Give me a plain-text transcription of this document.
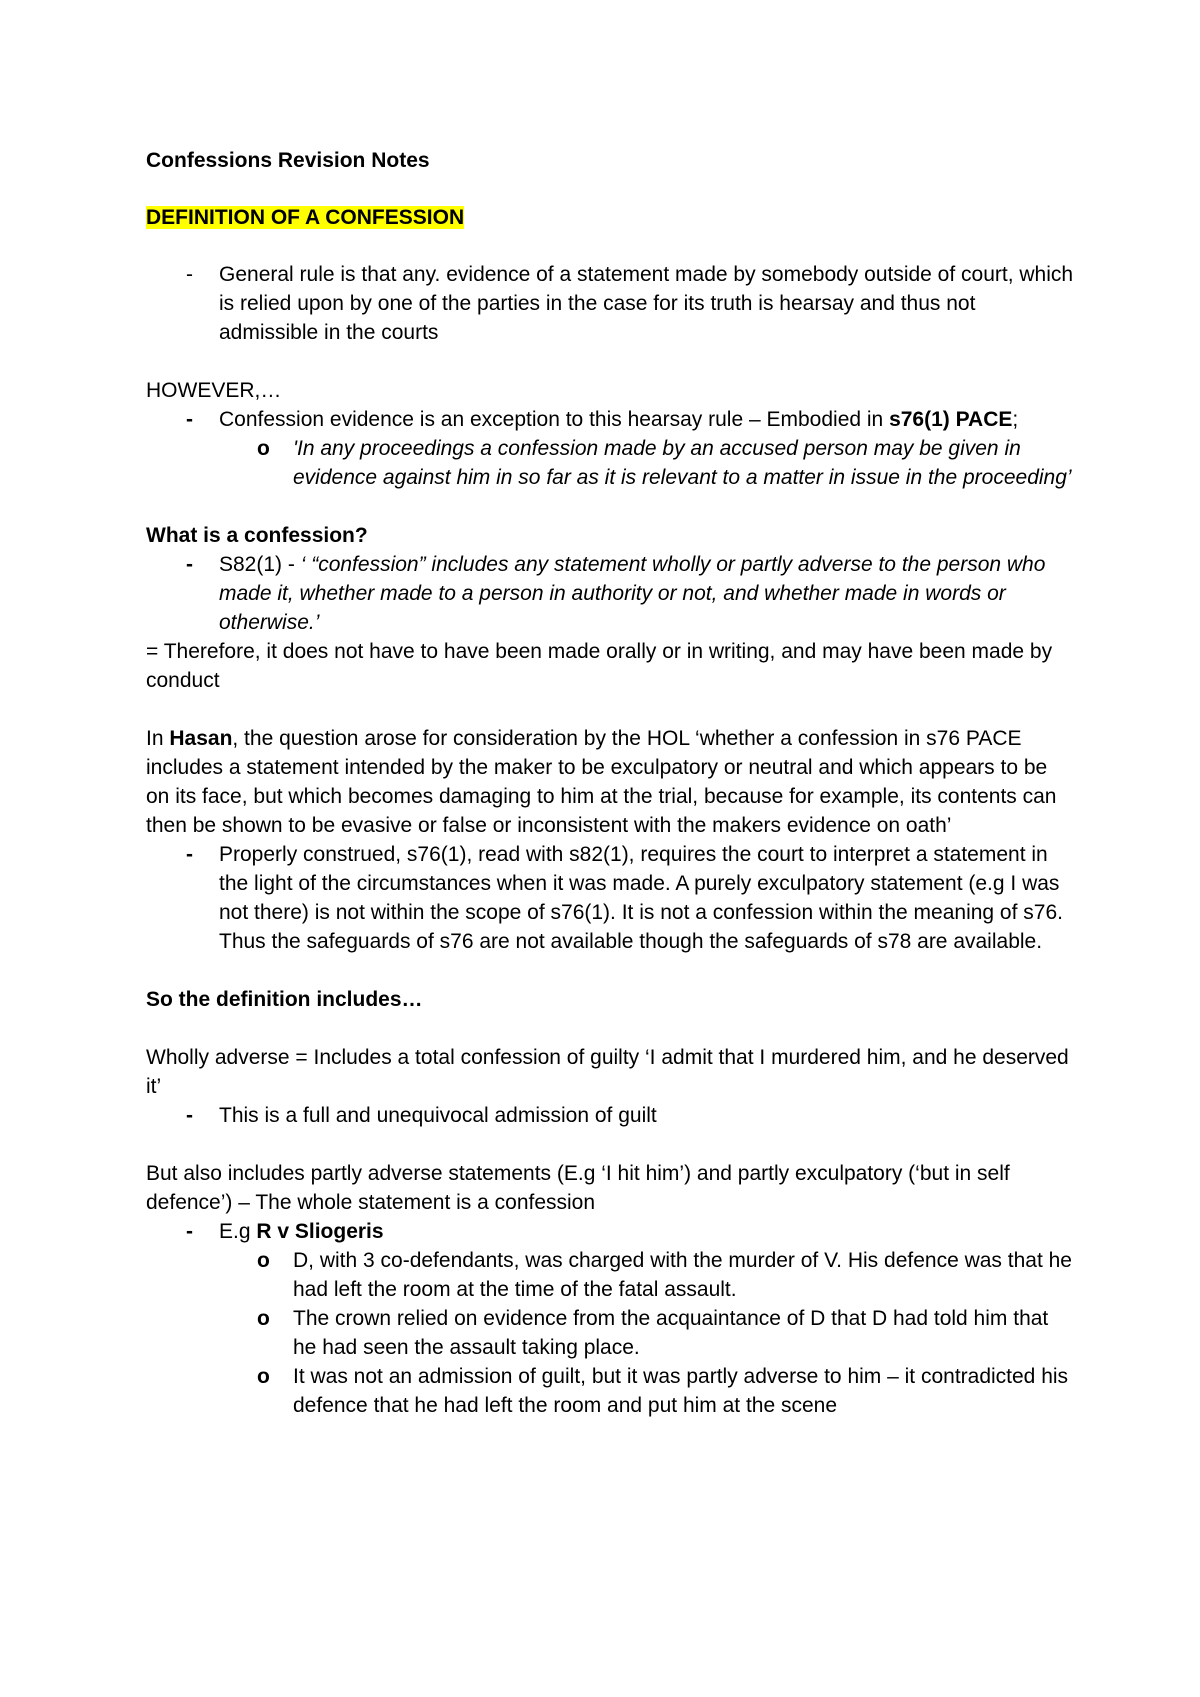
Confessions Revision Notes

DEFINITION OF A CONFESSION

-	General rule is that any. evidence of a statement made by somebody outside of court, which is relied upon by one of the parties in the case for its truth is hearsay and thus not admissible in the courts

HOWEVER,…

-	Confession evidence is an exception to this hearsay rule – Embodied in s76(1) PACE;
o 'In any proceedings a confession made by an accused person may be given in evidence against him in so far as it is relevant to a matter in issue in the proceeding’

What is a confession?

-	S82(1) - ‘ “confession” includes any statement wholly or partly adverse to the person who made it, whether made to a person in authority or not, and whether made in words or otherwise.’

= Therefore, it does not have to have been made orally or in writing, and may have been made by conduct

In Hasan, the question arose for consideration by the HOL ‘whether a confession in s76 PACE includes a statement intended by the maker to be exculpatory or neutral and which appears to be on its face, but which becomes damaging to him at the trial, because for example, its contents can then be shown to be evasive or false or inconsistent with the makers evidence on oath’

-	Properly construed, s76(1), read with s82(1), requires the court to interpret a statement in the light of the circumstances when it was made. A purely exculpatory statement (e.g I was not there) is not within the scope of s76(1). It is not a confession within the meaning of s76. Thus the safeguards of s76 are not available though the safeguards of s78 are available.

So the definition includes…

Wholly adverse = Includes a total confession of guilty ‘I admit that I murdered him, and he deserved it’

-	This is a full and unequivocal admission of guilt

But also includes partly adverse statements (E.g ‘I hit him’) and partly exculpatory (‘but in self defence’) – The whole statement is a confession

-	E.g R v Sliogeris
o D, with 3 co-defendants, was charged with the murder of V. His defence was that he had left the room at the time of the fatal assault.
o The crown relied on evidence from the acquaintance of D that D had told him that he had seen the assault taking place.
o It was not an admission of guilt, but it was partly adverse to him – it contradicted his defence that he had left the room and put him at the scene
